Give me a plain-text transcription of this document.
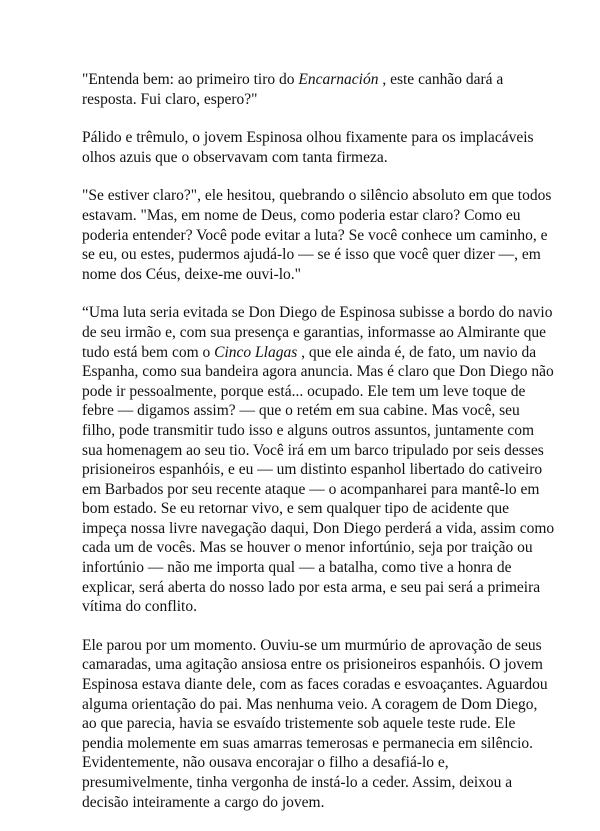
"Entenda bem: ao primeiro tiro do Encarnación , este canhão dará a
resposta. Fui claro, espero?"

Pálido e trêmulo, o jovem Espinosa olhou fixamente para os implacáveis
olhos azuis que o observavam com tanta firmeza.

"Se estiver claro?", ele hesitou, quebrando o silêncio absoluto em que todos
estavam. "Mas, em nome de Deus, como poderia estar claro? Como eu
poderia entender? Você pode evitar a luta? Se você conhece um caminho, e
se eu, ou estes, pudermos ajudá-lo — se é isso que você quer dizer —, em
nome dos Céus, deixe-me ouvi-lo."

“Uma luta seria evitada se Don Diego de Espinosa subisse a bordo do navio
de seu irmão e, com sua presença e garantias, informasse ao Almirante que
tudo está bem com o Cinco Llagas , que ele ainda é, de fato, um navio da
Espanha, como sua bandeira agora anuncia. Mas é claro que Don Diego não
pode ir pessoalmente, porque está... ocupado. Ele tem um leve toque de
febre — digamos assim? — que o retém em sua cabine. Mas você, seu
filho, pode transmitir tudo isso e alguns outros assuntos, juntamente com
sua homenagem ao seu tio. Você irá em um barco tripulado por seis desses
prisioneiros espanhóis, e eu — um distinto espanhol libertado do cativeiro
em Barbados por seu recente ataque — o acompanharei para mantê-lo em
bom estado. Se eu retornar vivo, e sem qualquer tipo de acidente que
impeça nossa livre navegação daqui, Don Diego perderá a vida, assim como
cada um de vocês. Mas se houver o menor infortúnio, seja por traição ou
infortúnio — não me importa qual — a batalha, como tive a honra de
explicar, será aberta do nosso lado por esta arma, e seu pai será a primeira
vítima do conflito.

Ele parou por um momento. Ouviu-se um murmúrio de aprovação de seus
camaradas, uma agitação ansiosa entre os prisioneiros espanhóis. O jovem
Espinosa estava diante dele, com as faces coradas e esvoaçantes. Aguardou
alguma orientação do pai. Mas nenhuma veio. A coragem de Dom Diego,
ao que parecia, havia se esvaído tristemente sob aquele teste rude. Ele
pendia molemente em suas amarras temerosas e permanecia em silêncio.
Evidentemente, não ousava encorajar o filho a desafiá-lo e,
presumivelmente, tinha vergonha de instá-lo a ceder. Assim, deixou a
decisão inteiramente a cargo do jovem.
